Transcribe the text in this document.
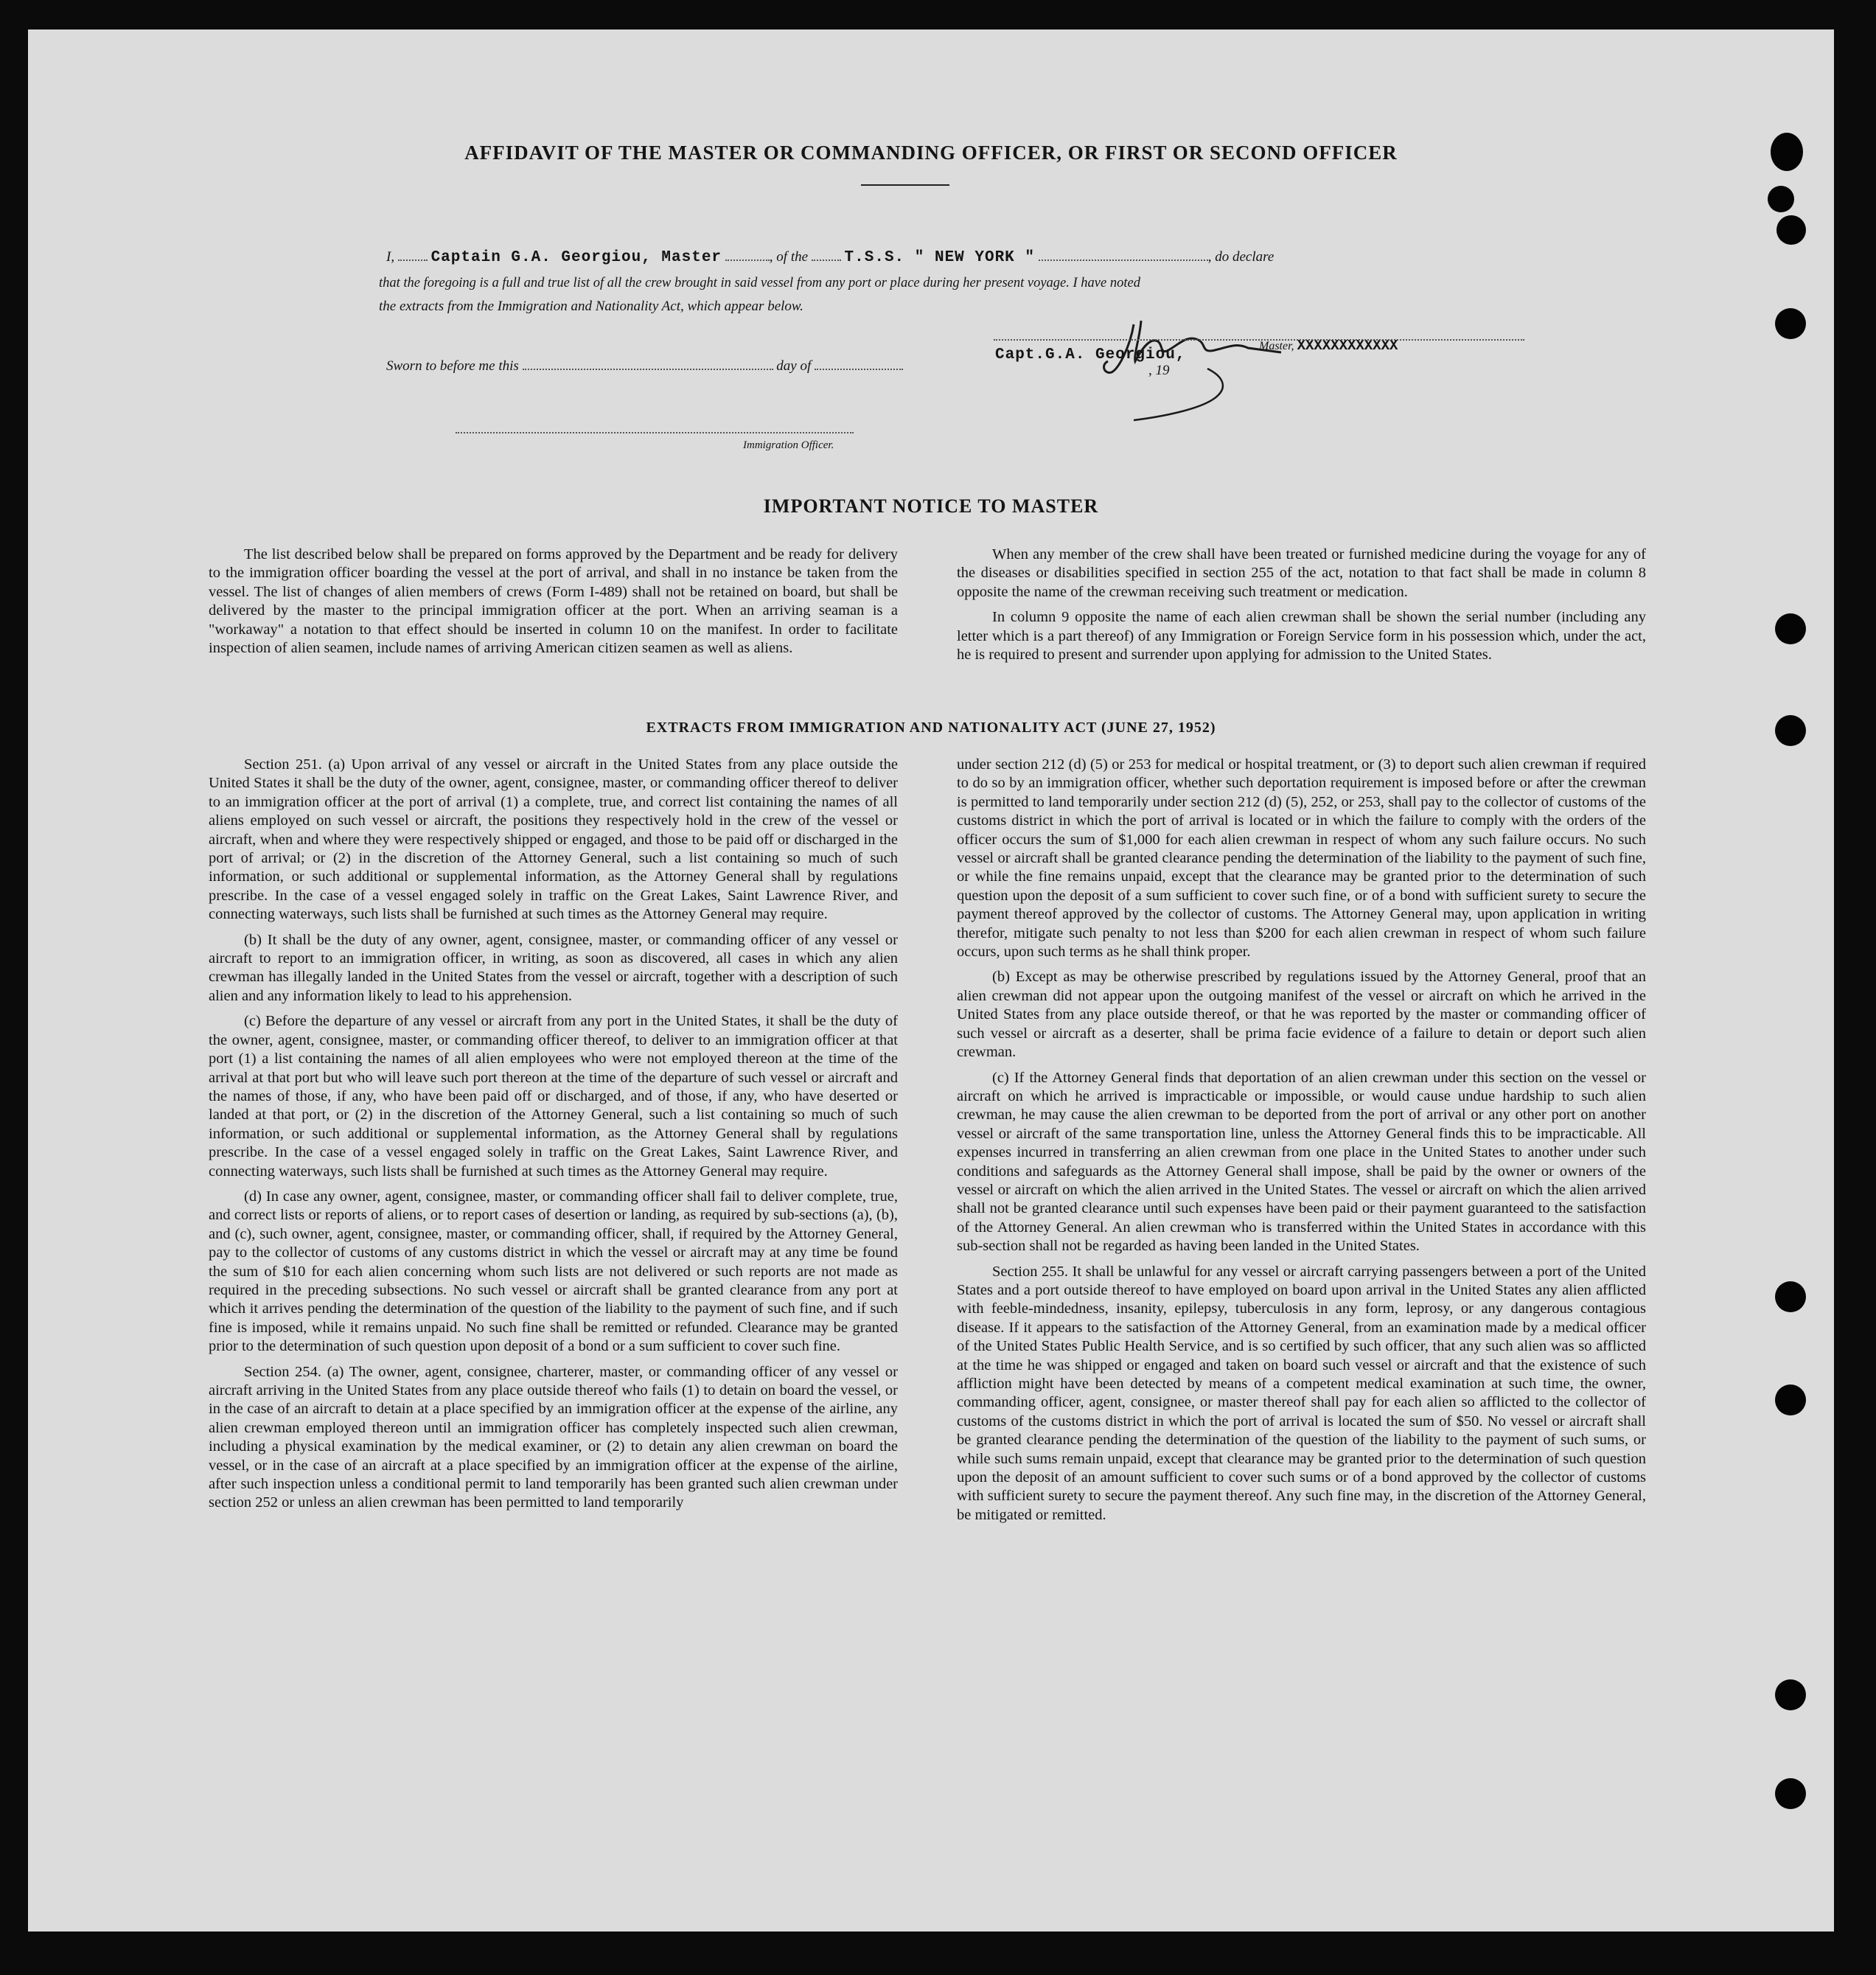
AFFIDAVIT OF THE MASTER OR COMMANDING OFFICER, OR FIRST OR SECOND OFFICER
I, Captain G.A. Georgiou, Master	, of the T.S.S. " NEW YORK "	, do declare
that the foregoing is a full and true list of all the crew brought in said vessel from any port or place during her present voyage. I have noted
the extracts from the Immigration and Nationality Act, which appear below.
Master, XXXXXXXXXXXX
Sworn to before me this	day of
Capt.G.A. Georgiou,
, 19
Immigration Officer.
IMPORTANT NOTICE TO MASTER

The list described below shall be prepared on forms approved by the Department and be ready for delivery to the immigration officer boarding the vessel at the port of arrival, and shall in no instance be taken from the vessel. The list of changes of alien members of crews (Form I-489) shall not be retained on board, but shall be delivered by the master to the principal immigration officer at the port. When an arriving seaman is a "workaway" a notation to that effect should be inserted in column 10 on the manifest. In order to facilitate inspection of alien seamen, include names of arriving American citizen seamen as well as aliens.

When any member of the crew shall have been treated or furnished medicine during the voyage for any of the diseases or disabilities specified in section 255 of the act, notation to that fact shall be made in column 8 opposite the name of the crewman receiving such treatment or medication.

In column 9 opposite the name of each alien crewman shall be shown the serial number (including any letter which is a part thereof) of any Immigration or Foreign Service form in his possession which, under the act, he is required to present and surrender upon applying for admission to the United States.

EXTRACTS FROM IMMIGRATION AND NATIONALITY ACT (JUNE 27, 1952)

Section 251. (a) Upon arrival of any vessel or aircraft in the United States from any place outside the United States it shall be the duty of the owner, agent, consignee, master, or commanding officer thereof to deliver to an immigration officer at the port of arrival (1) a complete, true, and correct list containing the names of all aliens employed on such vessel or aircraft, the positions they respectively hold in the crew of the vessel or aircraft, when and where they were respectively shipped or engaged, and those to be paid off or discharged in the port of arrival; or (2) in the discretion of the Attorney General, such a list containing so much of such information, or such additional or supplemental information, as the Attorney General shall by regulations prescribe. In the case of a vessel engaged solely in traffic on the Great Lakes, Saint Lawrence River, and connecting waterways, such lists shall be furnished at such times as the Attorney General may require.

(b) It shall be the duty of any owner, agent, consignee, master, or commanding officer of any vessel or aircraft to report to an immigration officer, in writing, as soon as discovered, all cases in which any alien crewman has illegally landed in the United States from the vessel or aircraft, together with a description of such alien and any information likely to lead to his apprehension.

(c) Before the departure of any vessel or aircraft from any port in the United States, it shall be the duty of the owner, agent, consignee, master, or commanding officer thereof, to deliver to an immigration officer at that port (1) a list containing the names of all alien employees who were not employed thereon at the time of the arrival at that port but who will leave such port thereon at the time of the departure of such vessel or aircraft and the names of those, if any, who have been paid off or discharged, and of those, if any, who have deserted or landed at that port, or (2) in the discretion of the Attorney General, such a list containing so much of such information, or such additional or supplemental information, as the Attorney General shall by regulations prescribe. In the case of a vessel engaged solely in traffic on the Great Lakes, Saint Lawrence River, and connecting waterways, such lists shall be furnished at such times as the Attorney General may require.

(d) In case any owner, agent, consignee, master, or commanding officer shall fail to deliver complete, true, and correct lists or reports of aliens, or to report cases of desertion or landing, as required by sub-sections (a), (b), and (c), such owner, agent, consignee, master, or commanding officer, shall, if required by the Attorney General, pay to the collector of customs of any customs district in which the vessel or aircraft may at any time be found the sum of $10 for each alien concerning whom such lists are not delivered or such reports are not made as required in the preceding subsections. No such vessel or aircraft shall be granted clearance from any port at which it arrives pending the determination of the question of the liability to the payment of such fine, and if such fine is imposed, while it remains unpaid. No such fine shall be remitted or refunded. Clearance may be granted prior to the determination of such question upon deposit of a bond or a sum sufficient to cover such fine.

Section 254. (a) The owner, agent, consignee, charterer, master, or commanding officer of any vessel or aircraft arriving in the United States from any place outside thereof who fails (1) to detain on board the vessel, or in the case of an aircraft to detain at a place specified by an immigration officer at the expense of the airline, any alien crewman employed thereon until an immigration officer has completely inspected such alien crewman, including a physical examination by the medical examiner, or (2) to detain any alien crewman on board the vessel, or in the case of an aircraft at a place specified by an immigration officer at the expense of the airline, after such inspection unless a conditional permit to land temporarily has been granted such alien crewman under section 252 or unless an alien crewman has been permitted to land temporarily

under section 212 (d) (5) or 253 for medical or hospital treatment, or (3) to deport such alien crewman if required to do so by an immigration officer, whether such deportation requirement is imposed before or after the crewman is permitted to land temporarily under section 212 (d) (5), 252, or 253, shall pay to the collector of customs of the customs district in which the port of arrival is located or in which the failure to comply with the orders of the officer occurs the sum of $1,000 for each alien crewman in respect of whom any such failure occurs. No such vessel or aircraft shall be granted clearance pending the determination of the liability to the payment of such fine, or while the fine remains unpaid, except that the clearance may be granted prior to the determination of such question upon the deposit of a sum sufficient to cover such fine, or of a bond with sufficient surety to secure the payment thereof approved by the collector of customs. The Attorney General may, upon application in writing therefor, mitigate such penalty to not less than $200 for each alien crewman in respect of whom such failure occurs, upon such terms as he shall think proper.

(b) Except as may be otherwise prescribed by regulations issued by the Attorney General, proof that an alien crewman did not appear upon the outgoing manifest of the vessel or aircraft on which he arrived in the United States from any place outside thereof, or that he was reported by the master or commanding officer of such vessel or aircraft as a deserter, shall be prima facie evidence of a failure to detain or deport such alien crewman.

(c) If the Attorney General finds that deportation of an alien crewman under this section on the vessel or aircraft on which he arrived is impracticable or impossible, or would cause undue hardship to such alien crewman, he may cause the alien crewman to be deported from the port of arrival or any other port on another vessel or aircraft of the same transportation line, unless the Attorney General finds this to be impracticable. All expenses incurred in transferring an alien crewman from one place in the United States to another under such conditions and safeguards as the Attorney General shall impose, shall be paid by the owner or owners of the vessel or aircraft on which the alien arrived in the United States. The vessel or aircraft on which the alien arrived shall not be granted clearance until such expenses have been paid or their payment guaranteed to the satisfaction of the Attorney General. An alien crewman who is transferred within the United States in accordance with this sub-section shall not be regarded as having been landed in the United States.

Section 255. It shall be unlawful for any vessel or aircraft carrying passengers between a port of the United States and a port outside thereof to have employed on board upon arrival in the United States any alien afflicted with feeble-mindedness, insanity, epilepsy, tuberculosis in any form, leprosy, or any dangerous contagious disease. If it appears to the satisfaction of the Attorney General, from an examination made by a medical officer of the United States Public Health Service, and is so certified by such officer, that any such alien was so afflicted at the time he was shipped or engaged and taken on board such vessel or aircraft and that the existence of such affliction might have been detected by means of a competent medical examination at such time, the owner, commanding officer, agent, consignee, or master thereof shall pay for each alien so afflicted to the collector of customs of the customs district in which the port of arrival is located the sum of $50. No vessel or aircraft shall be granted clearance pending the determination of the question of the liability to the payment of such sums, or while such sums remain unpaid, except that clearance may be granted prior to the determination of such question upon the deposit of an amount sufficient to cover such sums or of a bond approved by the collector of customs with sufficient surety to secure the payment thereof. Any such fine may, in the discretion of the Attorney General, be mitigated or remitted.
